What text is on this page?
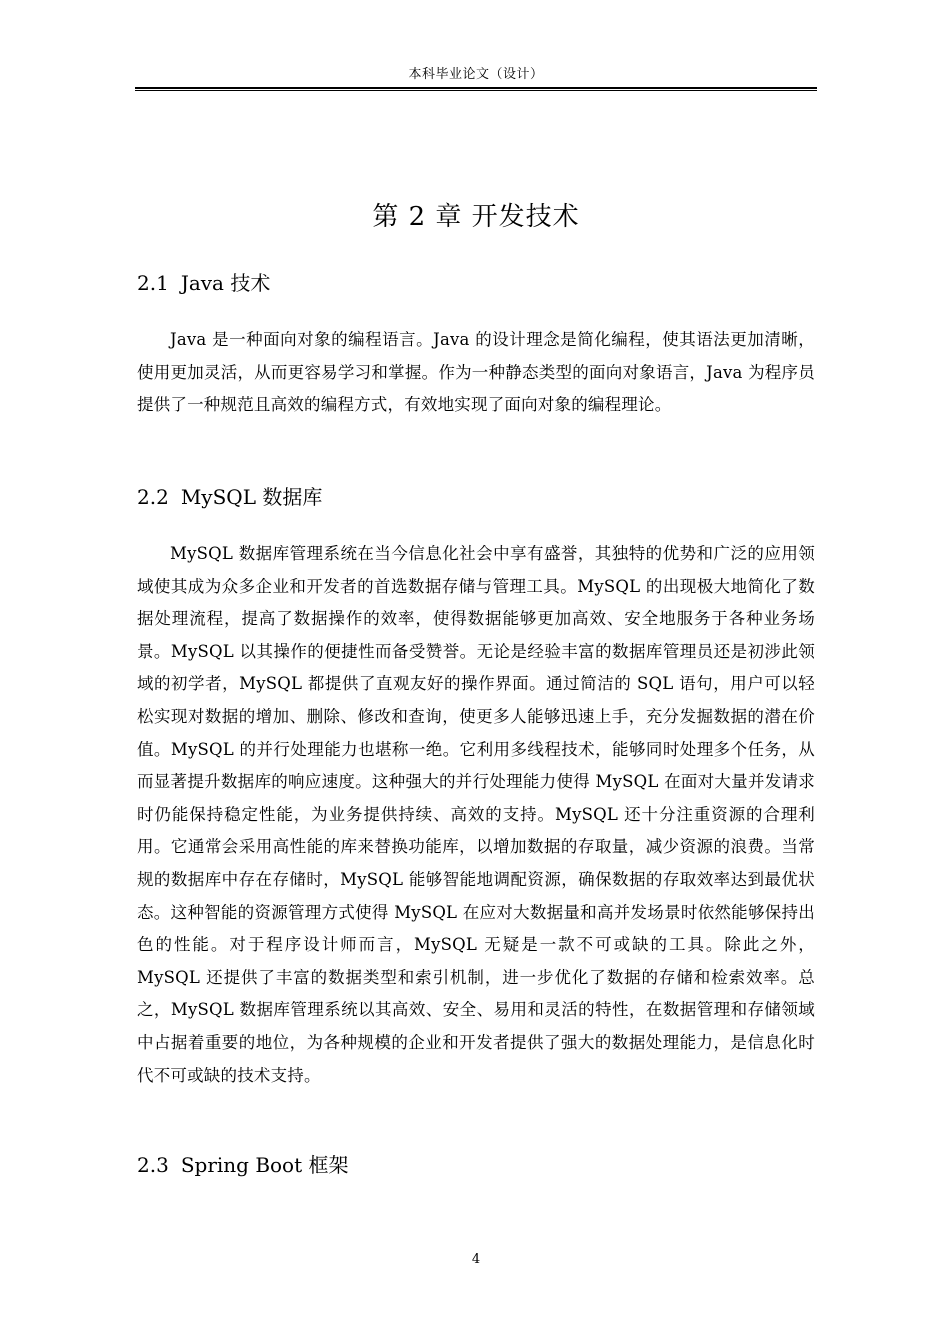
本科毕业论文（设计）
第 2 章 开发技术
2.1 Java 技术

Java 是一种面向对象的编程语言。Java 的设计理念是简化编程，使其语法更加清晰，使用更加灵活，从而更容易学习和掌握。作为一种静态类型的面向对象语言，Java 为程序员提供了一种规范且高效的编程方式，有效地实现了面向对象的编程理论。

2.2 MySQL 数据库

MySQL 数据库管理系统在当今信息化社会中享有盛誉，其独特的优势和广泛的应用领域使其成为众多企业和开发者的首选数据存储与管理工具。MySQL 的出现极大地简化了数据处理流程，提高了数据操作的效率，使得数据能够更加高效、安全地服务于各种业务场景。MySQL 以其操作的便捷性而备受赞誉。无论是经验丰富的数据库管理员还是初涉此领域的初学者，MySQL 都提供了直观友好的操作界面。通过简洁的 SQL 语句，用户可以轻松实现对数据的增加、删除、修改和查询，使更多人能够迅速上手，充分发掘数据的潜在价值。MySQL 的并行处理能力也堪称一绝。它利用多线程技术，能够同时处理多个任务，从而显著提升数据库的响应速度。这种强大的并行处理能力使得 MySQL 在面对大量并发请求时仍能保持稳定性能，为业务提供持续、高效的支持。MySQL 还十分注重资源的合理利用。它通常会采用高性能的库来替换功能库，以增加数据的存取量，减少资源的浪费。当常规的数据库中存在存储时，MySQL 能够智能地调配资源，确保数据的存取效率达到最优状态。这种智能的资源管理方式使得 MySQL 在应对大数据量和高并发场景时依然能够保持出色的性能。对于程序设计师而言，MySQL 无疑是一款不可或缺的工具。除此之外，MySQL 还提供了丰富的数据类型和索引机制，进一步优化了数据的存储和检索效率。总之，MySQL 数据库管理系统以其高效、安全、易用和灵活的特性，在数据管理和存储领域中占据着重要的地位，为各种规模的企业和开发者提供了强大的数据处理能力，是信息化时代不可或缺的技术支持。

2.3 Spring Boot 框架
4
